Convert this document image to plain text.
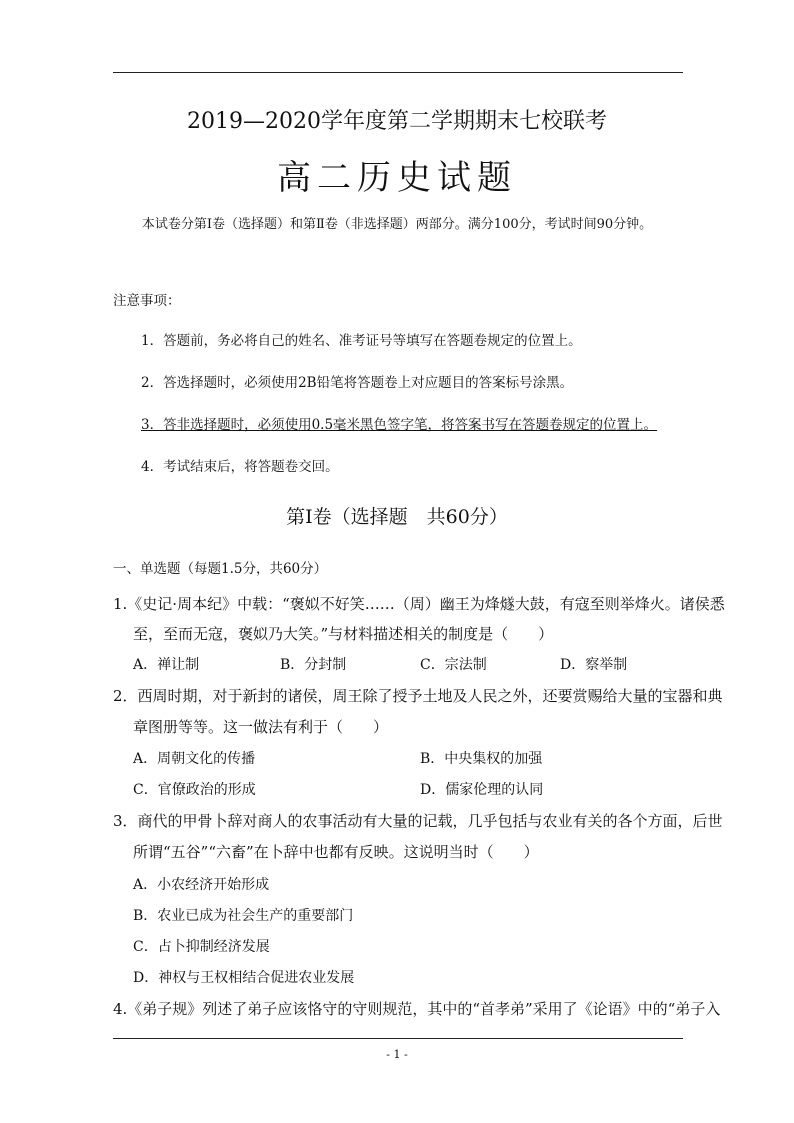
2019—2020学年度第二学期期末七校联考
高二历史试题
本试卷分第Ⅰ卷（选择题）和第Ⅱ卷（非选择题）两部分。满分100分，考试时间90分钟。
注意事项：
1．答题前，务必将自己的姓名、准考证号等填写在答题卷规定的位置上。
2．答选择题时，必须使用2B铅笔将答题卷上对应题目的答案标号涂黑。
3．答非选择题时，必须使用0.5毫米黑色签字笔，将答案书写在答题卷规定的位置上。
4．考试结束后，将答题卷交回。
第Ⅰ卷（选择题　共60分）
一、单选题（每题1.5分，共60分）
1.《史记·周本纪》中载：“褒姒不好笑……（周）幽王为烽燧大鼓，有寇至则举烽火。诸侯悉
至，至而无寇，褒姒乃大笑。”与材料描述相关的制度是（　　）
A．禅让制	B．分封制	C．宗法制	D．察举制
2．西周时期，对于新封的诸侯，周王除了授予土地及人民之外，还要赏赐给大量的宝器和典
章图册等等。这一做法有利于（　　）
A．周朝文化的传播	B．中央集权的加强
C．官僚政治的形成	D．儒家伦理的认同
3．商代的甲骨卜辞对商人的农事活动有大量的记载，几乎包括与农业有关的各个方面，后世
所谓“五谷”“六畜”在卜辞中也都有反映。这说明当时（　　）
A．小农经济开始形成
B．农业已成为社会生产的重要部门
C．占卜抑制经济发展
D．神权与王权相结合促进农业发展
4.《弟子规》列述了弟子应该恪守的守则规范，其中的“首孝弟”采用了《论语》中的“弟子入
- 1 -
